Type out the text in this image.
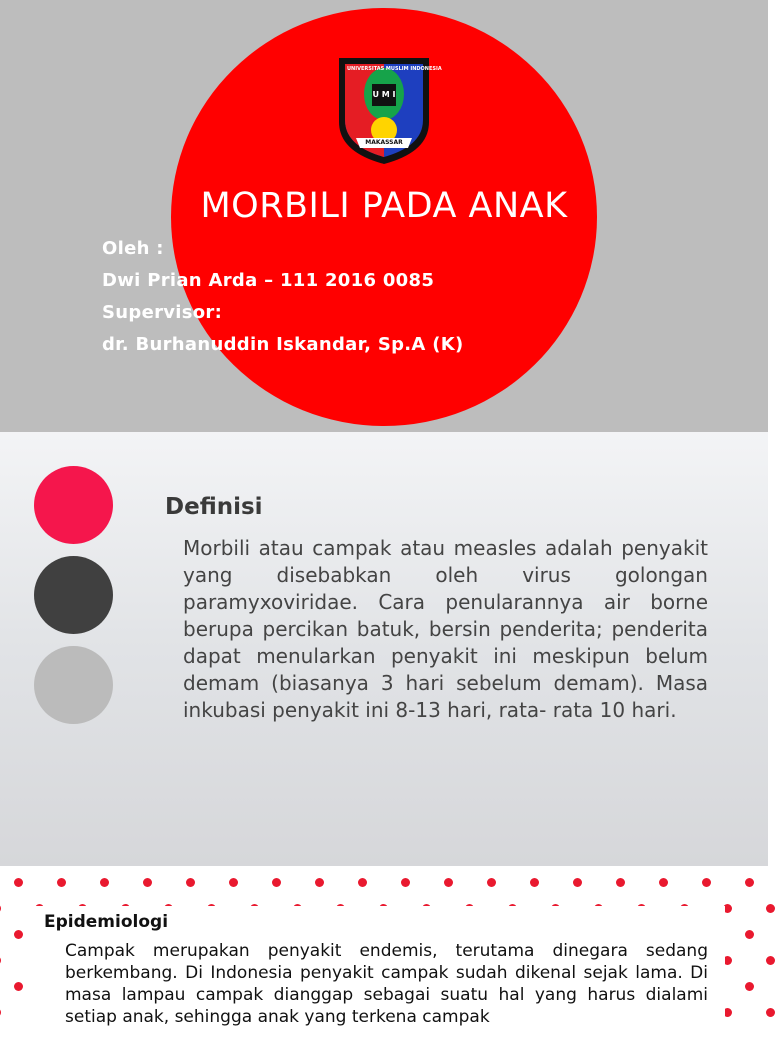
UNIVERSITAS MUSLIM INDONESIA
U M I
MAKASSAR
MORBILI PADA ANAK
Oleh :
Dwi Prian Arda – 111 2016 0085
Supervisor:
dr. Burhanuddin Iskandar, Sp.A (K)
Definisi

Morbili atau campak atau measles adalah penyakit yang disebabkan oleh virus golongan paramyxoviridae. Cara penularannya air borne berupa percikan batuk, bersin penderita; penderita dapat menularkan penyakit ini meskipun belum demam (biasanya 3 hari sebelum demam). Masa inkubasi penyakit ini 8-13 hari, rata- rata 10 hari.

Epidemiologi

Campak merupakan penyakit endemis, terutama dinegara sedang berkembang. Di Indonesia penyakit campak sudah dikenal sejak lama. Di masa lampau campak dianggap sebagai suatu hal yang harus dialami setiap anak, sehingga anak yang terkena campak
